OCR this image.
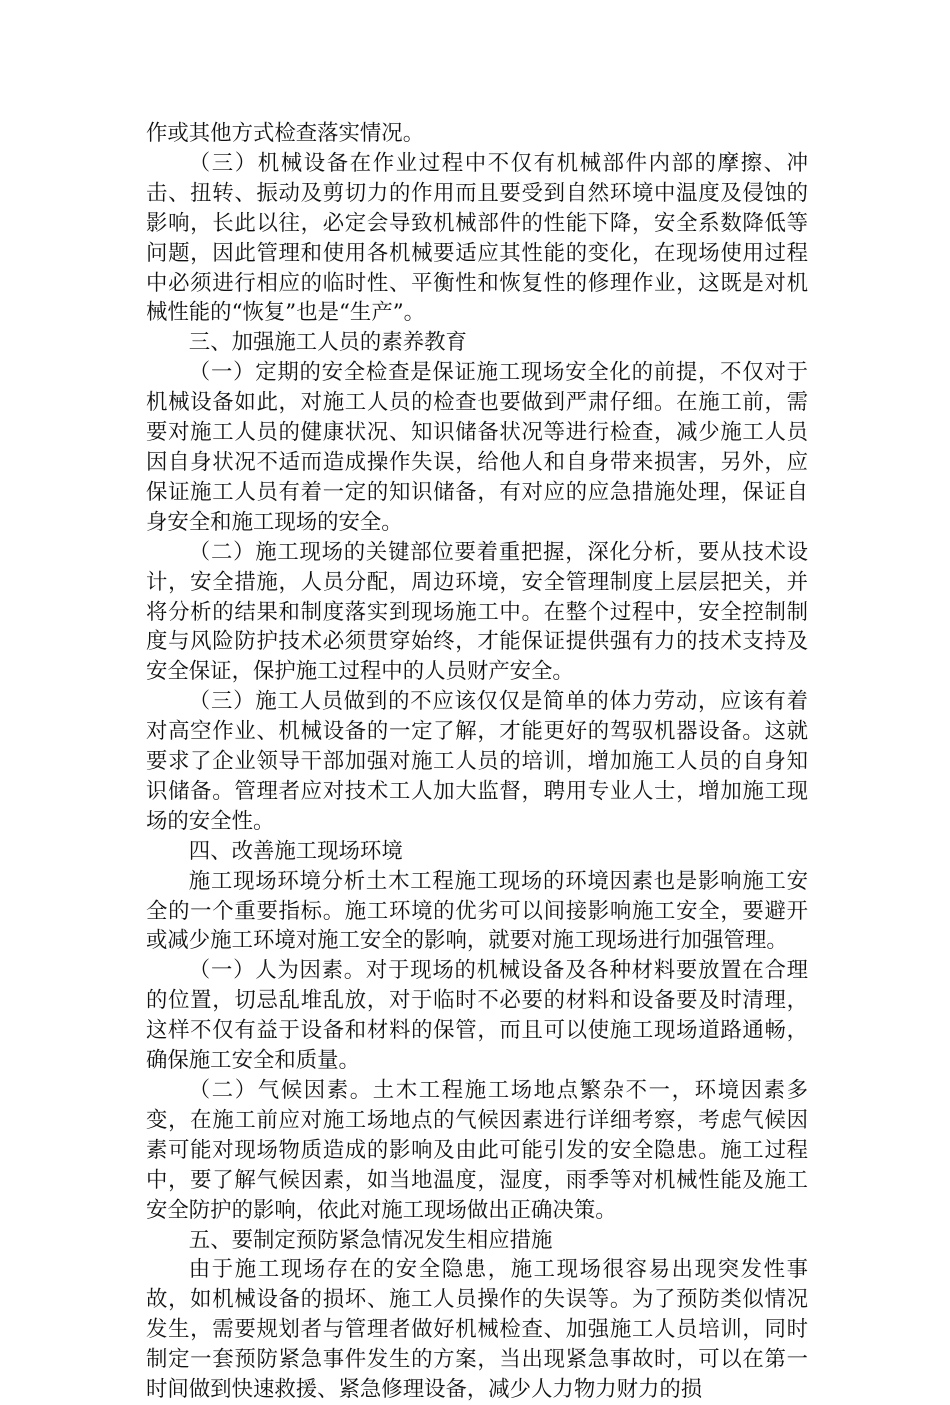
作或其他方式检查落实情况。

（三）机械设备在作业过程中不仅有机械部件内部的摩擦、冲击、扭转、振动及剪切力的作用而且要受到自然环境中温度及侵蚀的影响，长此以往，必定会导致机械部件的性能下降，安全系数降低等问题，因此管理和使用各机械要适应其性能的变化，在现场使用过程中必须进行相应的临时性、平衡性和恢复性的修理作业，这既是对机械性能的“恢复”也是“生产”。

三、加强施工人员的素养教育

（一）定期的安全检查是保证施工现场安全化的前提，不仅对于机械设备如此，对施工人员的检查也要做到严肃仔细。在施工前，需要对施工人员的健康状况、知识储备状况等进行检查，减少施工人员因自身状况不适而造成操作失误，给他人和自身带来损害，另外，应保证施工人员有着一定的知识储备，有对应的应急措施处理，保证自身安全和施工现场的安全。

（二）施工现场的关键部位要着重把握，深化分析，要从技术设计，安全措施，人员分配，周边环境，安全管理制度上层层把关，并将分析的结果和制度落实到现场施工中。在整个过程中，安全控制制度与风险防护技术必须贯穿始终，才能保证提供强有力的技术支持及安全保证，保护施工过程中的人员财产安全。

（三）施工人员做到的不应该仅仅是简单的体力劳动，应该有着对高空作业、机械设备的一定了解，才能更好的驾驭机器设备。这就要求了企业领导干部加强对施工人员的培训，增加施工人员的自身知识储备。管理者应对技术工人加大监督，聘用专业人士，增加施工现场的安全性。

四、改善施工现场环境

施工现场环境分析土木工程施工现场的环境因素也是影响施工安全的一个重要指标。施工环境的优劣可以间接影响施工安全，要避开或减少施工环境对施工安全的影响，就要对施工现场进行加强管理。

（一）人为因素。对于现场的机械设备及各种材料要放置在合理的位置，切忌乱堆乱放，对于临时不必要的材料和设备要及时清理，这样不仅有益于设备和材料的保管，而且可以使施工现场道路通畅，确保施工安全和质量。

（二）气候因素。土木工程施工场地点繁杂不一，环境因素多变，在施工前应对施工场地点的气候因素进行详细考察，考虑气候因素可能对现场物质造成的影响及由此可能引发的安全隐患。施工过程中，要了解气候因素，如当地温度，湿度，雨季等对机械性能及施工安全防护的影响，依此对施工现场做出正确决策。

五、要制定预防紧急情况发生相应措施

由于施工现场存在的安全隐患，施工现场很容易出现突发性事故，如机械设备的损坏、施工人员操作的失误等。为了预防类似情况发生，需要规划者与管理者做好机械检查、加强施工人员培训，同时制定一套预防紧急事件发生的方案，当出现紧急事故时，可以在第一时间做到快速救援、紧急修理设备，减少人力物力财力的损
